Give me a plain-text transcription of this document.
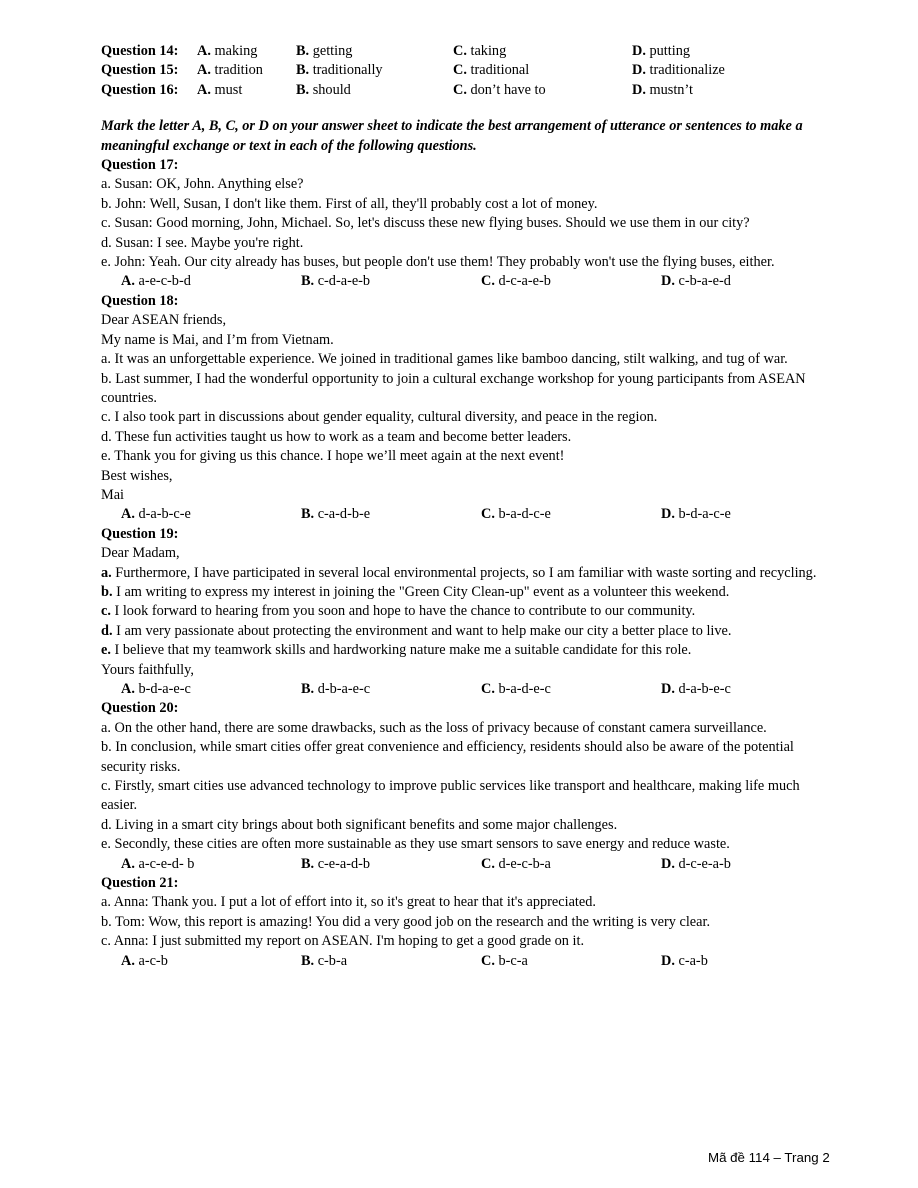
Question 14:	A. making	B. getting	C. taking	D. putting
Question 15:	A. tradition	B. traditionally	C. traditional	D. traditionalize
Question 16:	A. must	B. should	C. don’t have to	D. mustn’t

Mark the letter A, B, C, or D on your answer sheet to indicate the best arrangement of utterance or sentences to make a meaningful exchange or text in each of the following questions.

Question 17:

a. Susan: OK, John. Anything else?

b. John: Well, Susan, I don't like them. First of all, they'll probably cost a lot of money.

c. Susan: Good morning, John, Michael. So, let's discuss these new flying buses. Should we use them in our city?

d. Susan: I see. Maybe you're right.

e. John: Yeah. Our city already has buses, but people don't use them! They probably won't use the flying buses, either.

A. a-e-c-b-d	B. c-d-a-e-b	C. d-c-a-e-b	D. c-b-a-e-d

Question 18:

Dear ASEAN friends,

My name is Mai, and I’m from Vietnam.

a. It was an unforgettable experience. We joined in traditional games like bamboo dancing, stilt walking, and tug of war.

b. Last summer, I had the wonderful opportunity to join a cultural exchange workshop for young participants from ASEAN countries.

c. I also took part in discussions about gender equality, cultural diversity, and peace in the region.

d. These fun activities taught us how to work as a team and become better leaders.

e. Thank you for giving us this chance. I hope we’ll meet again at the next event!

Best wishes,

Mai

A. d-a-b-c-e	B. c-a-d-b-e	C. b-a-d-c-e	D. b-d-a-c-e

Question 19:

Dear Madam,

a. Furthermore, I have participated in several local environmental projects, so I am familiar with waste sorting and recycling.

b. I am writing to express my interest in joining the "Green City Clean-up" event as a volunteer this weekend.

c. I look forward to hearing from you soon and hope to have the chance to contribute to our community.

d. I am very passionate about protecting the environment and want to help make our city a better place to live.

e. I believe that my teamwork skills and hardworking nature make me a suitable candidate for this role.

Yours faithfully,

A. b-d-a-e-c	B. d-b-a-e-c	C. b-a-d-e-c	D. d-a-b-e-c

Question 20:

a. On the other hand, there are some drawbacks, such as the loss of privacy because of constant camera surveillance.

b. In conclusion, while smart cities offer great convenience and efficiency, residents should also be aware of the potential security risks.

c. Firstly, smart cities use advanced technology to improve public services like transport and healthcare, making life much easier.

d. Living in a smart city brings about both significant benefits and some major challenges.

e. Secondly, these cities are often more sustainable as they use smart sensors to save energy and reduce waste.

A. a-c-e-d- b	B. c-e-a-d-b	C. d-e-c-b-a	D. d-c-e-a-b

Question 21:

a. Anna: Thank you. I put a lot of effort into it, so it's great to hear that it's appreciated.

b. Tom: Wow, this report is amazing! You did a very good job on the research and the writing is very clear.

c. Anna: I just submitted my report on ASEAN. I'm hoping to get a good grade on it.

A. a-c-b	B. c-b-a	C. b-c-a	D. c-a-b
Mã đề 114 – Trang 2
